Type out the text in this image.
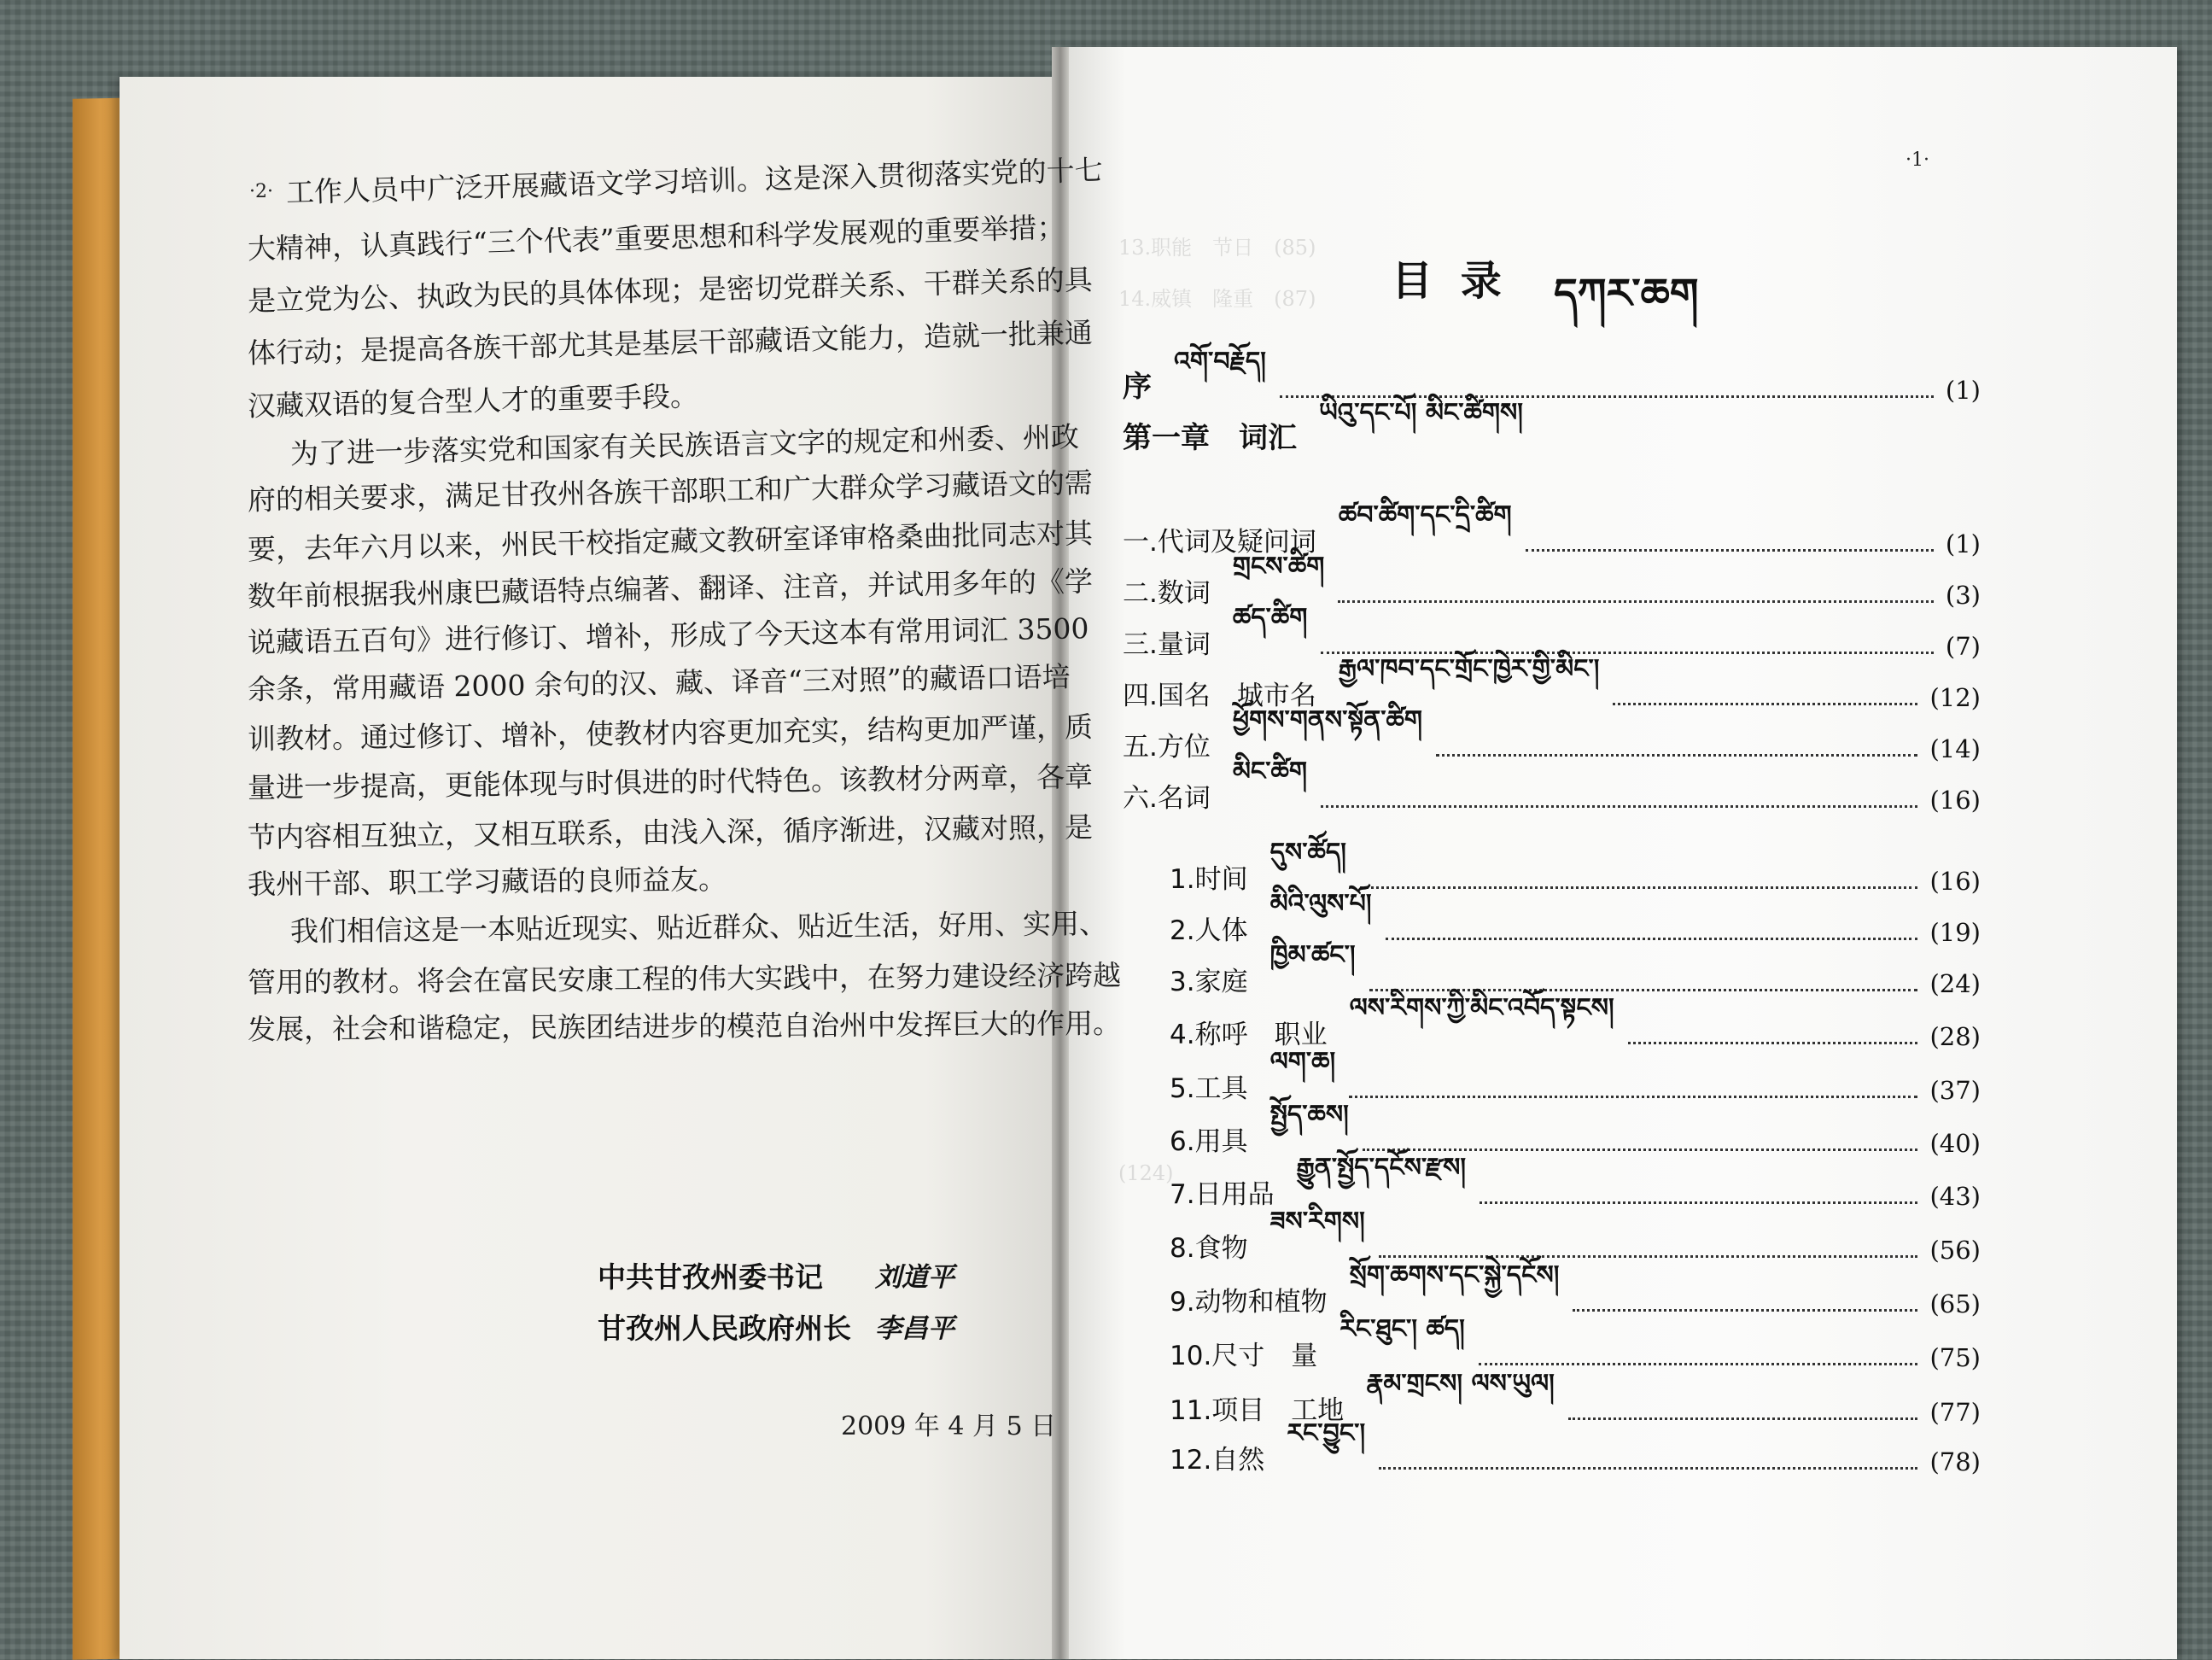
13.职能　节日　(85)
14.威镇　隆重　(87)
(124)
·2· 工作人员中广泛开展藏语文学习培训。这是深入贯彻落实党的十七
大精神，认真践行“三个代表”重要思想和科学发展观的重要举措；
是立党为公、执政为民的具体体现；是密切党群关系、干群关系的具
体行动；是提高各族干部尤其是基层干部藏语文能力，造就一批兼通
汉藏双语的复合型人才的重要手段。
为了进一步落实党和国家有关民族语言文字的规定和州委、州政
府的相关要求，满足甘孜州各族干部职工和广大群众学习藏语文的需
要，去年六月以来，州民干校指定藏文教研室译审格桑曲批同志对其
数年前根据我州康巴藏语特点编著、翻译、注音，并试用多年的《学
说藏语五百句》进行修订、增补，形成了今天这本有常用词汇 3500
余条，常用藏语 2000 余句的汉、藏、译音“三对照”的藏语口语培
训教材。通过修订、增补，使教材内容更加充实，结构更加严谨，质
量进一步提高，更能体现与时俱进的时代特色。该教材分两章，各章
节内容相互独立，又相互联系，由浅入深，循序渐进，汉藏对照，是
我州干部、职工学习藏语的良师益友。
我们相信这是一本贴近现实、贴近群众、贴近生活，好用、实用、
管用的教材。将会在富民安康工程的伟大实践中，在努力建设经济跨越
发展，社会和谐稳定，民族团结进步的模范自治州中发挥巨大的作用。
中共甘孜州委书记 刘道平
甘孜州人民政府州长 李昌平
2009 年 4 月 5 日
·1·
目 录 དཀར་ཆག
序
འགོ་བརྗོད།
(1)
第一章　词汇
ཡིའུ་དང་པོ། མིང་ཚིགས།
一.代词及疑问词
ཚབ་ཚིག་དང་དྲི་ཚིག
(1)
二.数词
གྲངས་ཚིག
(3)
三.量词
ཚད་ཚིག
(7)
四.国名　城市名
རྒྱལ་ཁབ་དང་གྲོང་ཁྱེར་གྱི་མིང་།
(12)
五.方位
ཕྱོགས་གནས་སྟོན་ཚིག
(14)
六.名词
མིང་ཚིག
(16)
1.时间
དུས་ཚོད།
(16)
2.人体
མིའི་ལུས་པོ།
(19)
3.家庭
ཁྱིམ་ཚང་།
(24)
4.称呼　职业
ལས་རིགས་ཀྱི་མིང་འབོད་སྟངས།
(28)
5.工具
ལག་ཆ།
(37)
6.用具
སྤྱོད་ཆས།
(40)
7.日用品
རྒྱུན་སྤྱོད་དངོས་རྫས།
(43)
8.食物
ཟས་རིགས།
(56)
9.动物和植物
སྲོག་ཆགས་དང་སྐྱེ་དངོས།
(65)
10.尺寸　量
རིང་ཐུང་། ཚད།
(75)
11.项目　工地
རྣམ་གྲངས། ལས་ཡུལ།
(77)
12.自然
རང་བྱུང་།
(78)
